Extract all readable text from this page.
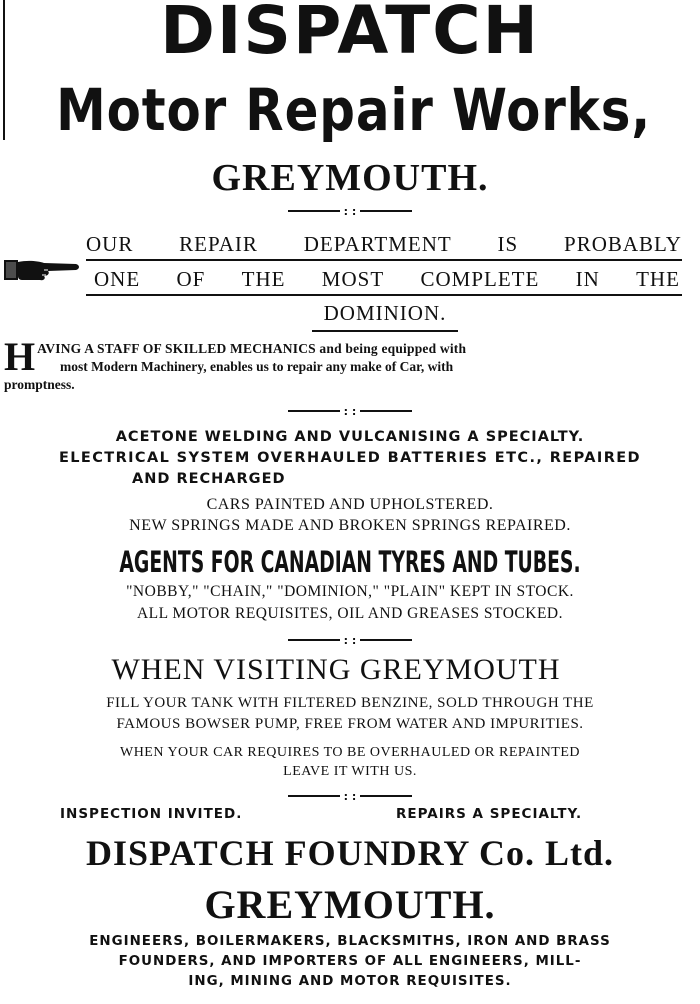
DISPATCH
Motor Repair Works,
GREYMOUTH.
: :
OUR REPAIR DEPARTMENT IS PROBABLY
ONE OF THE MOST COMPLETE IN THE
DOMINION.
H AVING A STAFF OF SKILLED MECHANICS and being equipped with
most Modern Machinery, enables us to repair any make of Car, with
promptness.
: :
ACETONE WELDING AND VULCANISING A SPECIALTY.
ELECTRICAL SYSTEM OVERHAULED BATTERIES ETC., REPAIRED
AND RECHARGED
CARS PAINTED AND UPHOLSTERED.
NEW SPRINGS MADE AND BROKEN SPRINGS REPAIRED.
AGENTS FOR CANADIAN TYRES AND TUBES.
"NOBBY," "CHAIN," "DOMINION," "PLAIN" KEPT IN STOCK.
ALL MOTOR REQUISITES, OIL AND GREASES STOCKED.
: :
WHEN VISITING GREYMOUTH
FILL YOUR TANK WITH FILTERED BENZINE, SOLD THROUGH THE
FAMOUS BOWSER PUMP, FREE FROM WATER AND IMPURITIES.
WHEN YOUR CAR REQUIRES TO BE OVERHAULED OR REPAINTED
LEAVE IT WITH US.
: :
INSPECTION INVITED.	REPAIRS A SPECIALTY.
DISPATCH FOUNDRY Co. Ltd.
GREYMOUTH.
ENGINEERS, BOILERMAKERS, BLACKSMITHS, IRON AND BRASS
FOUNDERS, AND IMPORTERS OF ALL ENGINEERS, MILL-
ING, MINING AND MOTOR REQUISITES.
